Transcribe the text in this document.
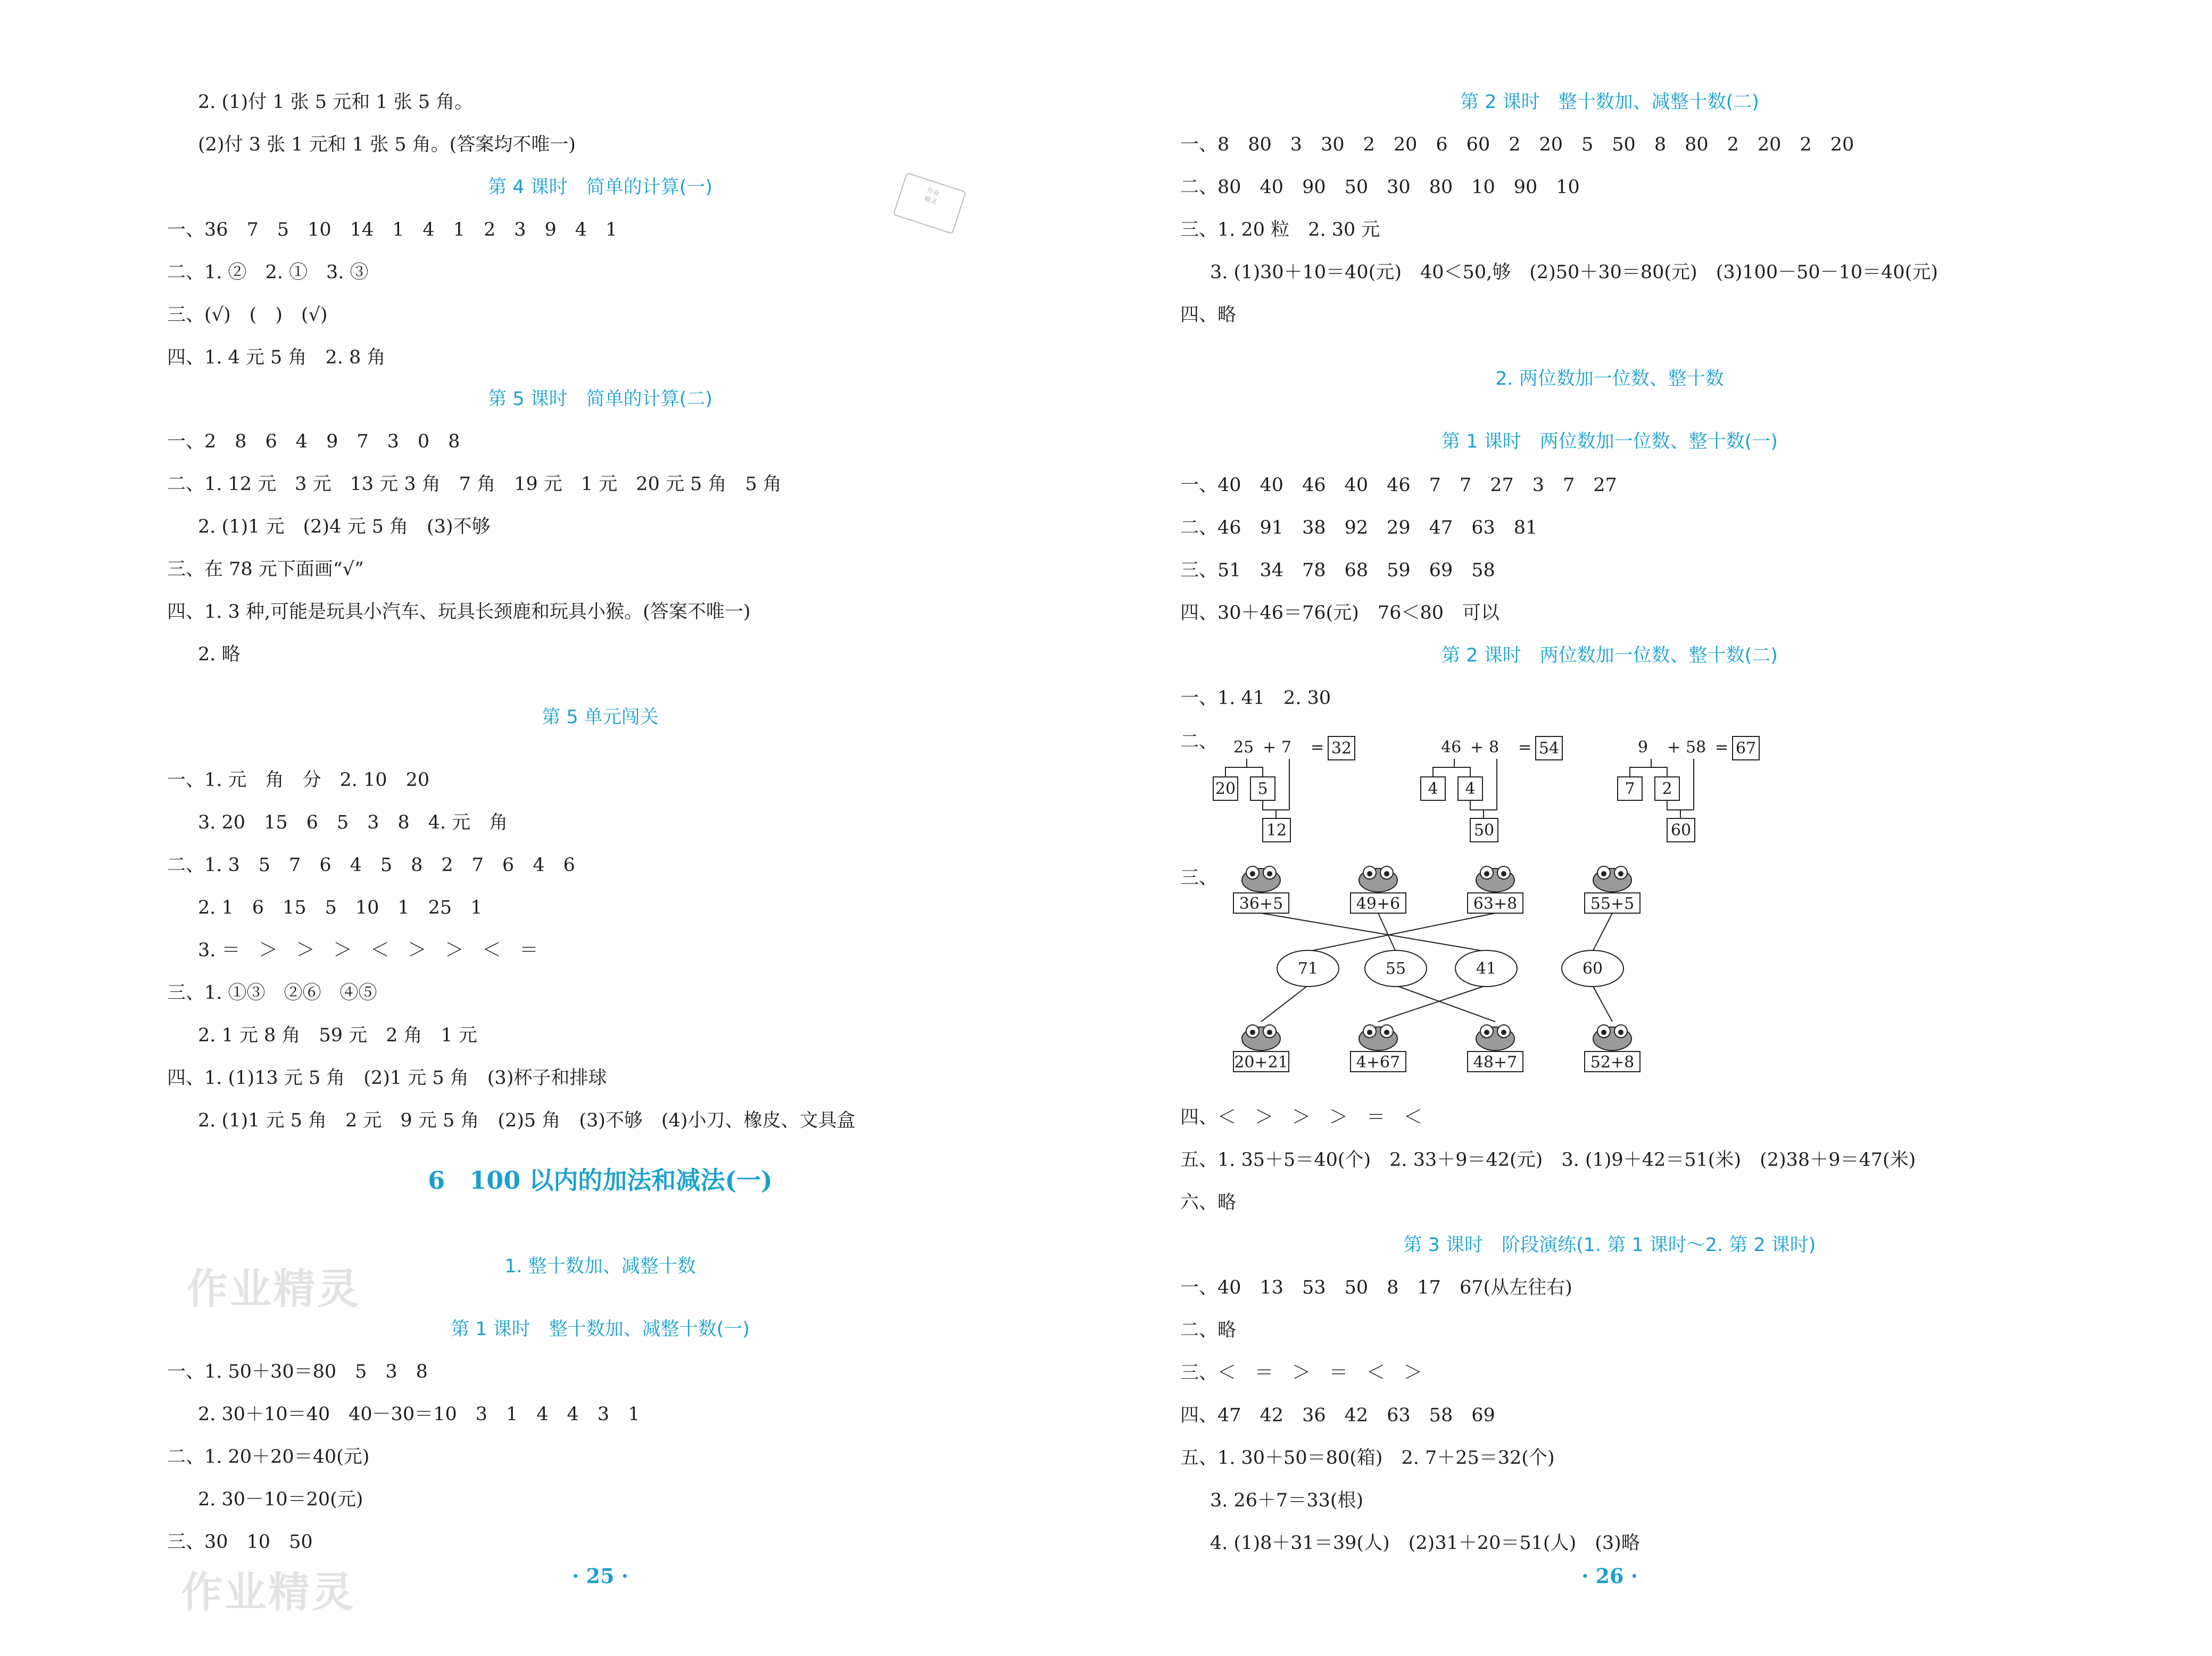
2. (1)付 1 张 5 元和 1 张 5 角。
(2)付 3 张 1 元和 1 张 5 角。(答案均不唯一)
第 4 课时　简单的计算(一)	作业
精灵
·
一、36　7　5　10　14　1　4　1　2　3　9　4　1
二、1. ②　2. ①　3. ③
三、(√)　(　)　(√)
四、1. 4 元 5 角　2. 8 角
第 5 课时　简单的计算(二)
一、2　8　6　4　9　7　3　0　8
二、1. 12 元　3 元　13 元 3 角　7 角　19 元　1 元　20 元 5 角　5 角
2. (1)1 元　(2)4 元 5 角　(3)不够
三、在 78 元下面画“√”
四、1. 3 种,可能是玩具小汽车、玩具长颈鹿和玩具小猴。(答案不唯一)
2. 略
第 5 单元闯关
一、1. 元　角　分　2. 10　20
3. 20　15　6　5　3　8　4. 元　角
二、1. 3　5　7　6　4　5　8　2　7　6　4　6
2. 1　6　15　5　10　1　25　1
3. ＝　＞　＞　＞　＜　＞　＞　＜　＝
三、1. ①③　②⑥　④⑤
2. 1 元 8 角　59 元　2 角　1 元
四、1. (1)13 元 5 角　(2)1 元 5 角　(3)杯子和排球
2. (1)1 元 5 角　2 元　9 元 5 角　(2)5 角　(3)不够　(4)小刀、橡皮、文具盒
6　100 以内的加法和减法(一)
作业精灵	1. 整十数加、减整十数
第 1 课时　整十数加、减整十数(一)
一、1. 50＋30＝80　5　3　8
2. 30＋10＝40　40－30＝10　3　1　4　4　3　1
二、1. 20＋20＝40(元)
2. 30－10＝20(元)
三、30　10　50
作业精灵	· 25 ·
第 2 课时　整十数加、减整十数(二)
一、8　80　3　30　2　20　6　60　2　20　5　50　8　80　2　20　2　20
二、80　40　90　50　30　80　10　90　10
三、1. 20 粒　2. 30 元
3. (1)30＋10＝40(元)　40＜50,够　(2)50＋30＝80(元)　(3)100－50－10＝40(元)
四、略
2. 两位数加一位数、整十数
第 1 课时　两位数加一位数、整十数(一)
一、40　40　46　40　46　7　7　27　3　7　27
二、46　91　38　92　29　47　63　81
三、51　34　78　68　59　69　58
四、30＋46＝76(元)　76＜80　可以
第 2 课时　两位数加一位数、整十数(二)
一、1. 41　2. 30
二、 25 + 7 = 32
20 5
12
46 + 8 = 54
4 4
50
9 + 58 = 67
7 2
60
三、
36+5	49+6	63+8	55+5
20+21	4+67	48+7	52+8
71	55	41	60
四、＜　＞　＞　＞　＝　＜
五、1. 35＋5＝40(个)　2. 33＋9＝42(元)　3. (1)9＋42＝51(米)　(2)38＋9＝47(米)
六、略
第 3 课时　阶段演练(1. 第 1 课时～2. 第 2 课时)
一、40　13　53　50　8　17　67(从左往右)
二、略
三、＜　＝　＞　＝　＜　＞
四、47　42　36　42　63　58　69
五、1. 30＋50＝80(箱)　2. 7＋25＝32(个)
3. 26＋7＝33(根)
4. (1)8＋31＝39(人)　(2)31＋20＝51(人)　(3)略
· 26 ·
